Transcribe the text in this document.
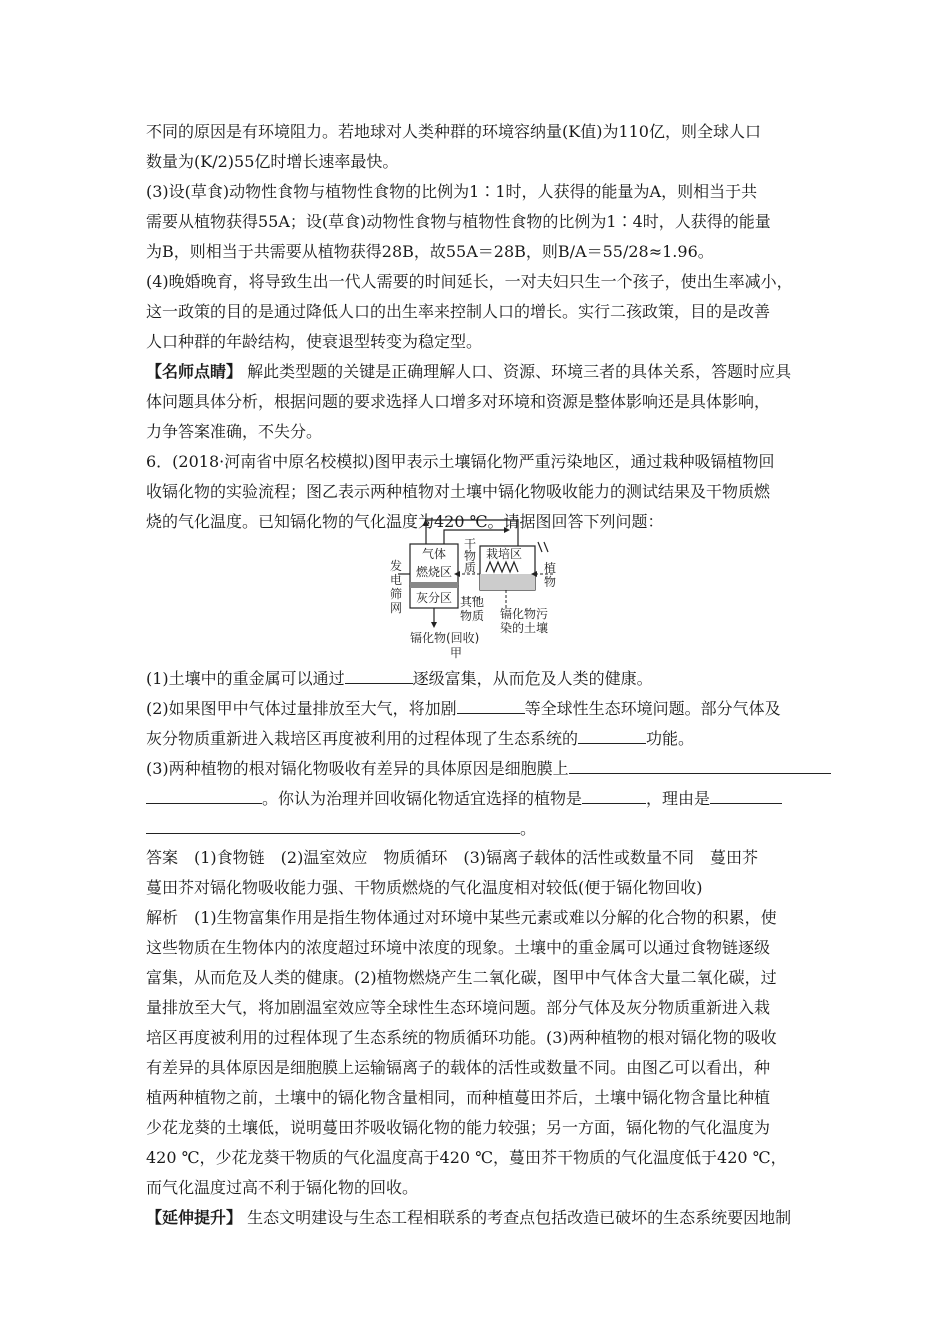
不同的原因是有环境阻力。若地球对人类种群的环境容纳量(K值)为110亿，则全球人口
数量为(K/2)55亿时增长速率最快。
(3)设(草食)动物性食物与植物性食物的比例为1∶1时，人获得的能量为A，则相当于共
需要从植物获得55A；设(草食)动物性食物与植物性食物的比例为1∶4时，人获得的能量
为B，则相当于共需要从植物获得28B，故55A＝28B，则B/A＝55/28≈1.96。
(4)晚婚晚育，将导致生出一代人需要的时间延长，一对夫妇只生一个孩子，使出生率减小，
这一政策的目的是通过降低人口的出生率来控制人口的增长。实行二孩政策，目的是改善
人口种群的年龄结构，使衰退型转变为稳定型。
【名师点睛】 解此类型题的关键是正确理解人口、资源、环境三者的具体关系，答题时应具
体问题具体分析，根据问题的要求选择人口增多对环境和资源是整体影响还是具体影响，
力争答案准确，不失分。
6．(2018·河南省中原名校模拟)图甲表示土壤镉化物严重污染地区，通过栽种吸镉植物回
收镉化物的实验流程；图乙表示两种植物对土壤中镉化物吸收能力的测试结果及干物质燃
气体
燃烧区
灰分区
干
物
质
栽培区
植
物
发
电
筛
网	其他
物质 镉化物污
染的土壤
镉化物(回收)
甲
烧的气化温度。已知镉化物的气化温度为420 ℃。请据图回答下列问题：
(1)土壤中的重金属可以通过	逐级富集，从而危及人类的健康。
(2)如果图甲中气体过量排放至大气，将加剧	等全球性生态环境问题。部分气体及
灰分物质重新进入栽培区再度被利用的过程体现了生态系统的	功能。
(3)两种植物的根对镉化物吸收有差异的具体原因是细胞膜上
。你认为治理并回收镉化物适宜选择的植物是	，理由是
。
答案　(1)食物链　(2)温室效应　物质循环　(3)镉离子载体的活性或数量不同　蔓田芥
蔓田芥对镉化物吸收能力强、干物质燃烧的气化温度相对较低(便于镉化物回收)
解析　(1)生物富集作用是指生物体通过对环境中某些元素或难以分解的化合物的积累，使
这些物质在生物体内的浓度超过环境中浓度的现象。土壤中的重金属可以通过食物链逐级
富集，从而危及人类的健康。(2)植物燃烧产生二氧化碳，图甲中气体含大量二氧化碳，过
量排放至大气，将加剧温室效应等全球性生态环境问题。部分气体及灰分物质重新进入栽
培区再度被利用的过程体现了生态系统的物质循环功能。(3)两种植物的根对镉化物的吸收
有差异的具体原因是细胞膜上运输镉离子的载体的活性或数量不同。由图乙可以看出，种
植两种植物之前，土壤中的镉化物含量相同，而种植蔓田芥后，土壤中镉化物含量比种植
少花龙葵的土壤低，说明蔓田芥吸收镉化物的能力较强；另一方面，镉化物的气化温度为
420 ℃，少花龙葵干物质的气化温度高于420 ℃，蔓田芥干物质的气化温度低于420 ℃，
而气化温度过高不利于镉化物的回收。
【延伸提升】 生态文明建设与生态工程相联系的考查点包括改造已破坏的生态系统要因地制
